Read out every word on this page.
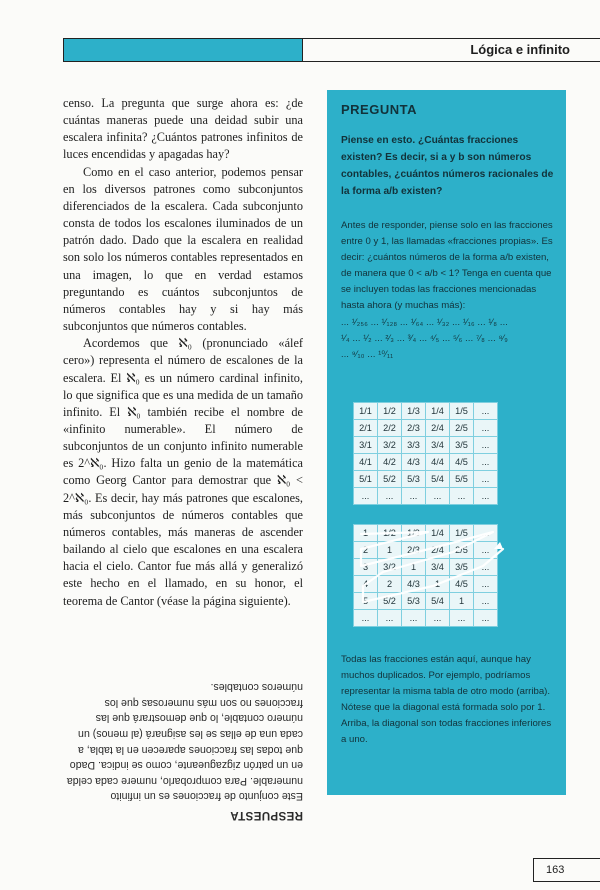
Lógica e infinito

censo. La pregunta que surge ahora es: ¿de cuántas maneras puede una deidad subir una escalera infinita? ¿Cuántos patrones infinitos de luces encendidas y apagadas hay?

Como en el caso anterior, podemos pensar en los diversos patrones como subconjuntos diferenciados de la escalera. Cada subconjunto consta de todos los escalones iluminados de un patrón dado. Dado que la escalera en realidad son solo los números contables representados en una imagen, lo que en verdad estamos preguntando es cuántos subconjuntos de números contables hay y si hay más subconjuntos que números contables.

Acordemos que ℵ₀ (pronunciado «álef cero») representa el número de escalones de la escalera. El ℵ₀ es un número cardinal infinito, lo que significa que es una medida de un tamaño infinito. El ℵ₀ también recibe el nombre de «infinito numerable». El número de subconjuntos de un conjunto infinito numerable es 2^ℵ₀. Hizo falta un genio de la matemática como Georg Cantor para demostrar que ℵ₀ < 2^ℵ₀. Es decir, hay más patrones que escalones, más subconjuntos de números contables que números contables, más maneras de ascender bailando al cielo que escalones en una escalera hacia el cielo. Cantor fue más allá y generalizó este hecho en el llamado, en su honor, el teorema de Cantor (véase la página siguiente).

RESPUESTA

Este conjunto de fracciones es un infinito numerable. Para comprobarlo, numere cada celda en un patrón zigzagueante, como se indica. Dado que todas las fracciones aparecen en la tabla, a cada una de ellas se les asignará (al menos) un número contable, lo que demostrará que las fracciones no son más numerosas que los números contables.

PREGUNTA
Piense en esto. ¿Cuántas fracciones existen? Es decir, si a y b son números contables, ¿cuántos números racionales de la forma a/b existen?

Antes de responder, piense solo en las fracciones entre 0 y 1, las llamadas «fracciones propias». Es decir: ¿cuántos números de la forma a/b existen, de manera que 0 < a/b < 1? Tenga en cuenta que se incluyen todas las fracciones mencionadas hasta ahora (y muchas más):

... ¹⁄₂₅₆ ... ¹⁄₁₂₈ ... ¹⁄₆₄ ... ¹⁄₃₂ ... ¹⁄₁₆ ... ¹⁄₈ ...

¹⁄₄ ... ¹⁄₂ ... ²⁄₃ ... ³⁄₄ ... ⁴⁄₅ ... ⁵⁄₆ ... ⁷⁄₈ ... ⁸⁄₉

... ⁹⁄₁₀ ... ¹⁰⁄₁₁

1/1	1/2	1/3	1/4	1/5	...
2/1	2/2	2/3	2/4	2/5	...
3/1	3/2	3/3	3/4	3/5	...
4/1	4/2	4/3	4/4	4/5	...
5/1	5/2	5/3	5/4	5/5	...
...	...	...	...	...	...
1	1/2	1/3	1/4	1/5	...
2	1	2/3	2/4	2/5	...
3	3/2	1	3/4	3/5	...
4	2	4/3	1	4/5	...
5	5/2	5/3	5/4	1	...
...	...	...	...	...	...

Todas las fracciones están aquí, aunque hay muchos duplicados. Por ejemplo, podríamos representar la misma tabla de otro modo (arriba). Nótese que la diagonal está formada solo por 1. Arriba, la diagonal son todas fracciones inferiores a uno.

163
